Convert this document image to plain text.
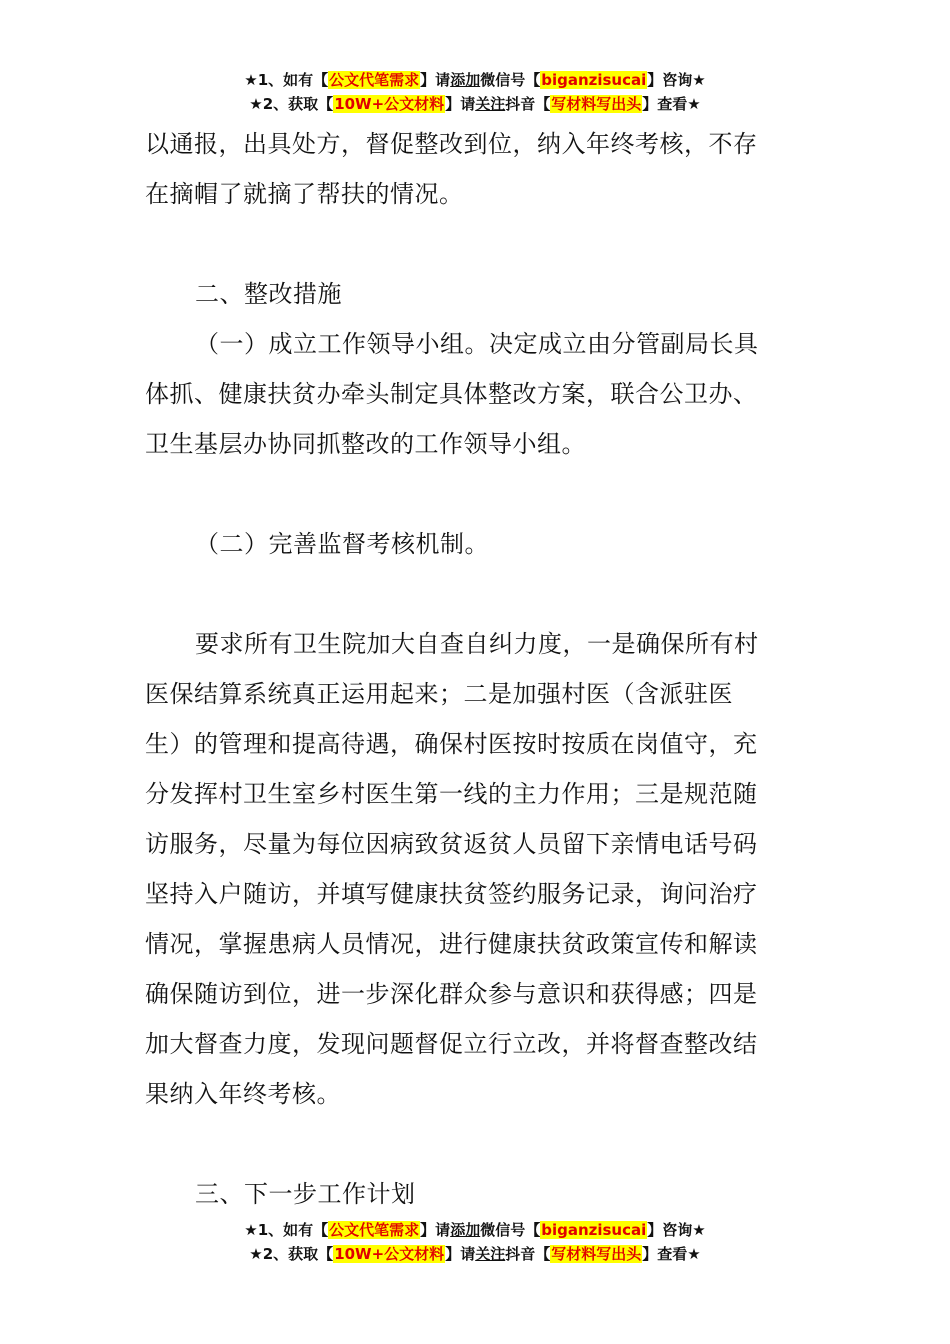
★1、如有【公文代笔需求】请添加微信号【biganzisucai】咨询★
★2、获取【10W+公文材料】请关注抖音【写材料写出头】查看★

以通报，出具处方，督促整改到位，纳入年终考核，不存

在摘帽了就摘了帮扶的情况。

二、整改措施

（一）成立工作领导小组。决定成立由分管副局长具

体抓、健康扶贫办牵头制定具体整改方案，联合公卫办、

卫生基层办协同抓整改的工作领导小组。

（二）完善监督考核机制。

要求所有卫生院加大自查自纠力度，一是确保所有村

医保结算系统真正运用起来；二是加强村医（含派驻医

生）的管理和提高待遇，确保村医按时按质在岗值守，充

分发挥村卫生室乡村医生第一线的主力作用；三是规范随

访服务，尽量为每位因病致贫返贫人员留下亲情电话号码

坚持入户随访，并填写健康扶贫签约服务记录，询问治疗

情况，掌握患病人员情况，进行健康扶贫政策宣传和解读

确保随访到位，进一步深化群众参与意识和获得感；四是

加大督查力度，发现问题督促立行立改，并将督查整改结

果纳入年终考核。

三、下一步工作计划

★1、如有【公文代笔需求】请添加微信号【biganzisucai】咨询★
★2、获取【10W+公文材料】请关注抖音【写材料写出头】查看★
